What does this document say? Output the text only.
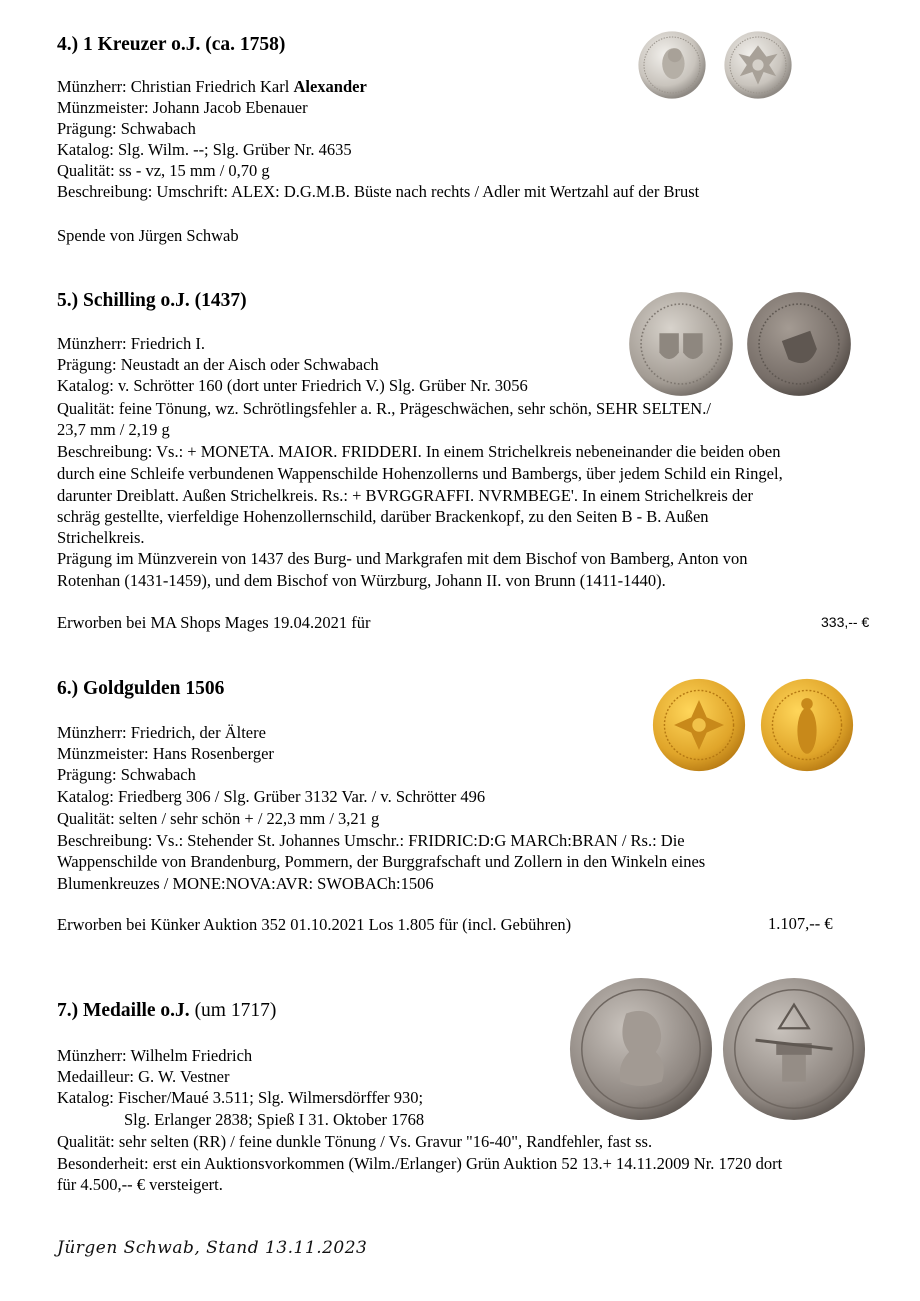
4.) 1 Kreuzer o.J. (ca. 1758)
Münzherr: Christian Friedrich Karl Alexander
Münzmeister: Johann Jacob Ebenauer
Prägung: Schwabach
Katalog: Slg. Wilm. --; Slg. Grüber Nr. 4635
Qualität: ss - vz, 15 mm / 0,70 g
Beschreibung: Umschrift: ALEX: D.G.M.B. Büste nach rechts / Adler mit Wertzahl auf der Brust
Spende von Jürgen Schwab
5.) Schilling o.J. (1437)
Münzherr: Friedrich I.
Prägung: Neustadt an der Aisch oder Schwabach
Katalog: v. Schrötter 160 (dort unter Friedrich V.) Slg. Grüber Nr. 3056
Qualität: feine Tönung, wz. Schrötlingsfehler a. R., Prägeschwächen, sehr schön, SEHR SELTEN./
23,7 mm / 2,19 g
Beschreibung: Vs.: + MONETA. MAIOR. FRIDDERI. In einem Strichelkreis nebeneinander die beiden oben
durch eine Schleife verbundenen Wappenschilde Hohenzollerns und Bambergs, über jedem Schild ein Ringel,
darunter Dreiblatt. Außen Strichelkreis. Rs.: + BVRGGRAFFI. NVRMBEGE'. In einem Strichelkreis der
schräg gestellte, vierfeldige Hohenzollernschild, darüber Brackenkopf, zu den Seiten B - B. Außen
Strichelkreis.
Prägung im Münzverein von 1437 des Burg- und Markgrafen mit dem Bischof von Bamberg, Anton von
Rotenhan (1431-1459), und dem Bischof von Würzburg, Johann II. von Brunn (1411-1440).
Erworben bei MA Shops Mages 19.04.2021 für	333,-- €
6.) Goldgulden 1506
Münzherr: Friedrich, der Ältere
Münzmeister: Hans Rosenberger
Prägung: Schwabach
Katalog: Friedberg 306 / Slg. Grüber 3132 Var. / v. Schrötter 496
Qualität: selten / sehr schön + / 22,3 mm / 3,21 g
Beschreibung: Vs.: Stehender St. Johannes Umschr.: FRIDRIC:D:G MARCh:BRAN / Rs.: Die
Wappenschilde von Brandenburg, Pommern, der Burggrafschaft und Zollern in den Winkeln eines
Blumenkreuzes / MONE:NOVA:AVR: SWOBACh:1506
Erworben bei Künker Auktion 352 01.10.2021 Los 1.805 für (incl. Gebühren)	1.107,-- €
7.) Medaille o.J. (um 1717)
Münzherr: Wilhelm Friedrich
Medailleur: G. W. Vestner
Katalog: Fischer/Maué 3.511; Slg. Wilmersdörffer 930;
Slg. Erlanger 2838; Spieß I 31. Oktober 1768
Qualität: sehr selten (RR) / feine dunkle Tönung / Vs. Gravur "16-40", Randfehler, fast ss.
Besonderheit: erst ein Auktionsvorkommen (Wilm./Erlanger) Grün Auktion 52 13.+ 14.11.2009 Nr. 1720 dort
für 4.500,-- € versteigert.
Jürgen Schwab, Stand 13.11.2023
